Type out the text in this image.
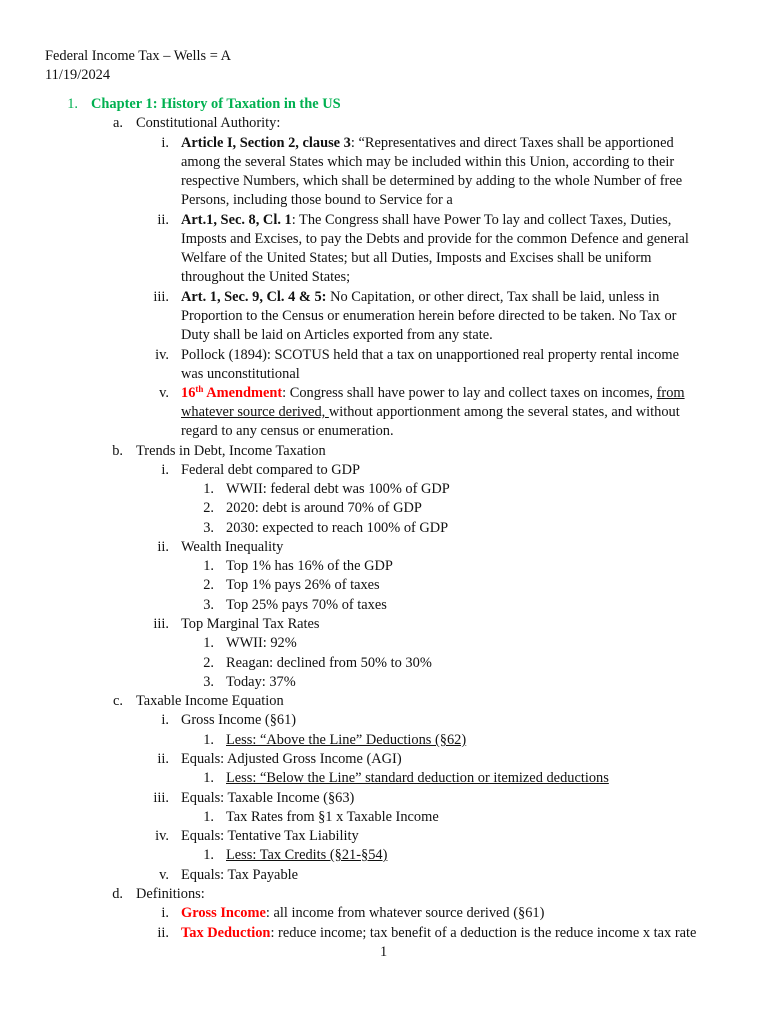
Federal Income Tax – Wells = A
11/19/2024
1. Chapter 1: History of Taxation in the US
a. Constitutional Authority:
i. Article I, Section 2, clause 3: “Representatives and direct Taxes shall be apportioned
among the several States which may be included within this Union, according to their
respective Numbers, which shall be determined by adding to the whole Number of free
Persons, including those bound to Service for a
ii. Art.1, Sec. 8, Cl. 1: The Congress shall have Power To lay and collect Taxes, Duties,
Imposts and Excises, to pay the Debts and provide for the common Defence and general
Welfare of the United States; but all Duties, Imposts and Excises shall be uniform
throughout the United States;
iii. Art. 1, Sec. 9, Cl. 4 & 5: No Capitation, or other direct, Tax shall be laid, unless in
Proportion to the Census or enumeration herein before directed to be taken. No Tax or
Duty shall be laid on Articles exported from any state.
iv. Pollock (1894): SCOTUS held that a tax on unapportioned real property rental income
was unconstitutional
v. 16th Amendment: Congress shall have power to lay and collect taxes on incomes, from
whatever source derived, without apportionment among the several states, and without
regard to any census or enumeration.
b. Trends in Debt, Income Taxation
i. Federal debt compared to GDP
1. WWII: federal debt was 100% of GDP
2. 2020: debt is around 70% of GDP
3. 2030: expected to reach 100% of GDP
ii. Wealth Inequality
1. Top 1% has 16% of the GDP
2. Top 1% pays 26% of taxes
3. Top 25% pays 70% of taxes
iii. Top Marginal Tax Rates
1. WWII: 92%
2. Reagan: declined from 50% to 30%
3. Today: 37%
c. Taxable Income Equation
i. Gross Income (§61)
1. Less: “Above the Line” Deductions (§62)
ii. Equals: Adjusted Gross Income (AGI)
1. Less: “Below the Line” standard deduction or itemized deductions
iii. Equals: Taxable Income (§63)
1. Tax Rates from §1 x Taxable Income
iv. Equals: Tentative Tax Liability
1. Less: Tax Credits (§21-§54)
v. Equals: Tax Payable
d. Definitions:
i. Gross Income: all income from whatever source derived (§61)
ii. Tax Deduction: reduce income; tax benefit of a deduction is the reduce income x tax rate
1
